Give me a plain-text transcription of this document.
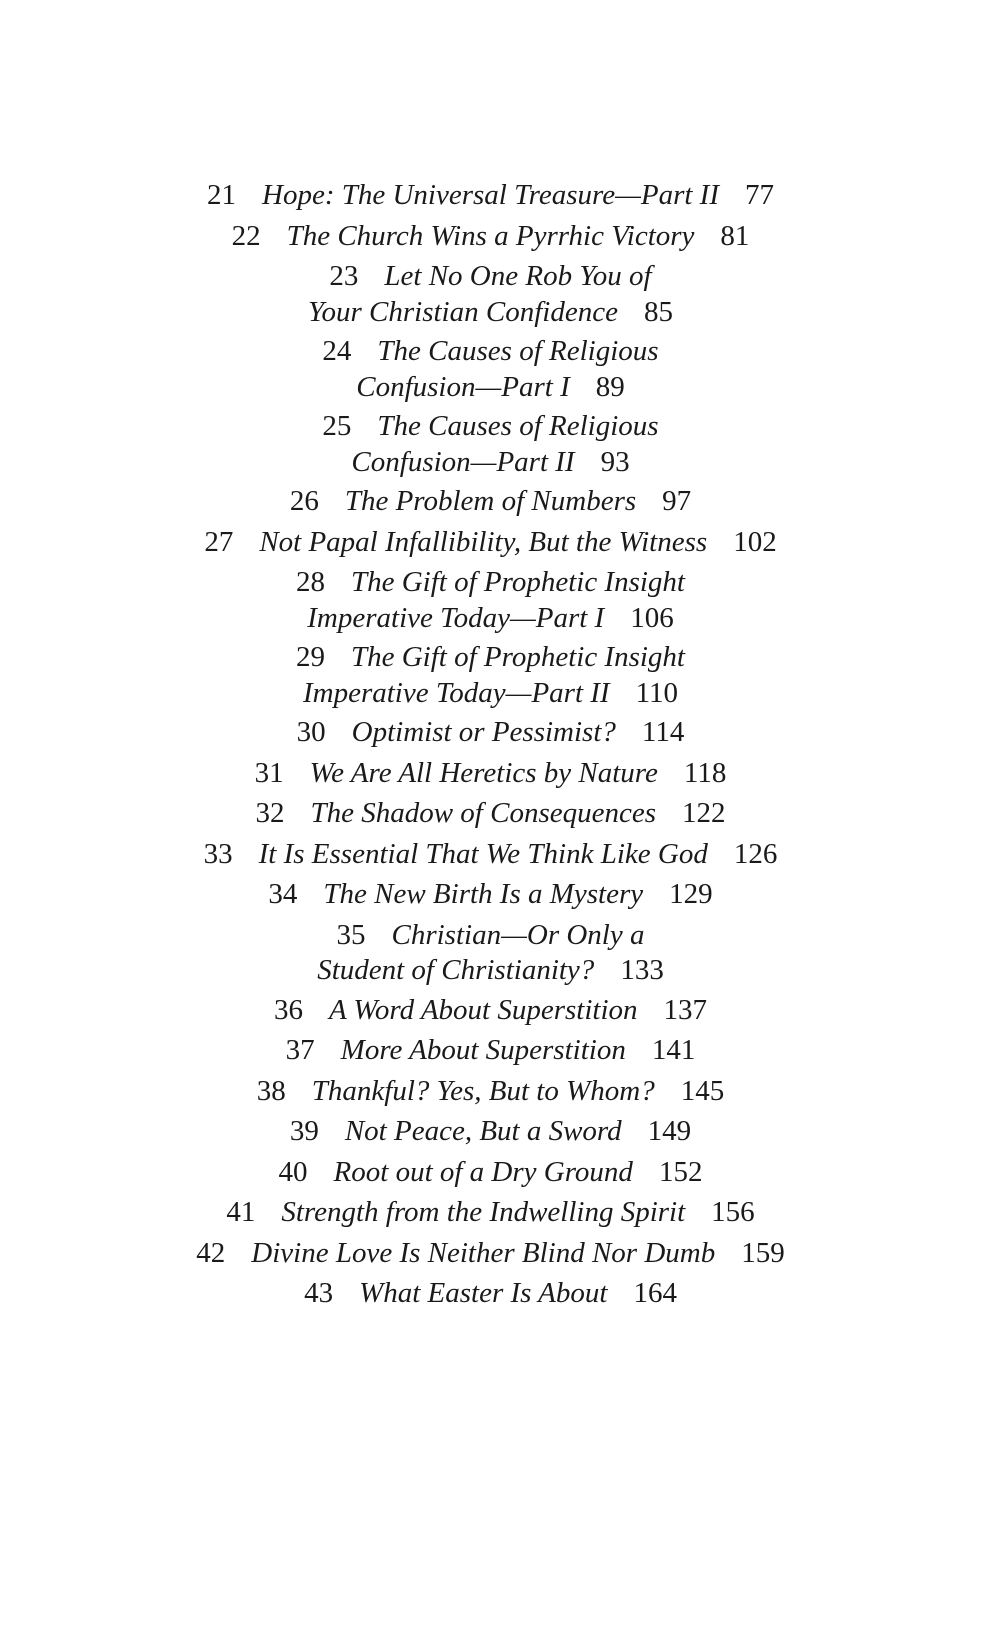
21 Hope: The Universal Treasure—Part II 77
22 The Church Wins a Pyrrhic Victory 81
23 Let No One Rob You of
Your Christian Confidence 85
24 The Causes of Religious
Confusion—Part I 89
25 The Causes of Religious
Confusion—Part II 93
26 The Problem of Numbers 97
27 Not Papal Infallibility, But the Witness 102
28 The Gift of Prophetic Insight
Imperative Today—Part I 106
29 The Gift of Prophetic Insight
Imperative Today—Part II 110
30 Optimist or Pessimist? 114
31 We Are All Heretics by Nature 118
32 The Shadow of Consequences 122
33 It Is Essential That We Think Like God 126
34 The New Birth Is a Mystery 129
35 Christian—Or Only a
Student of Christianity? 133
36 A Word About Superstition 137
37 More About Superstition 141
38 Thankful? Yes, But to Whom? 145
39 Not Peace, But a Sword 149
40 Root out of a Dry Ground 152
41 Strength from the Indwelling Spirit 156
42 Divine Love Is Neither Blind Nor Dumb 159
43 What Easter Is About 164
